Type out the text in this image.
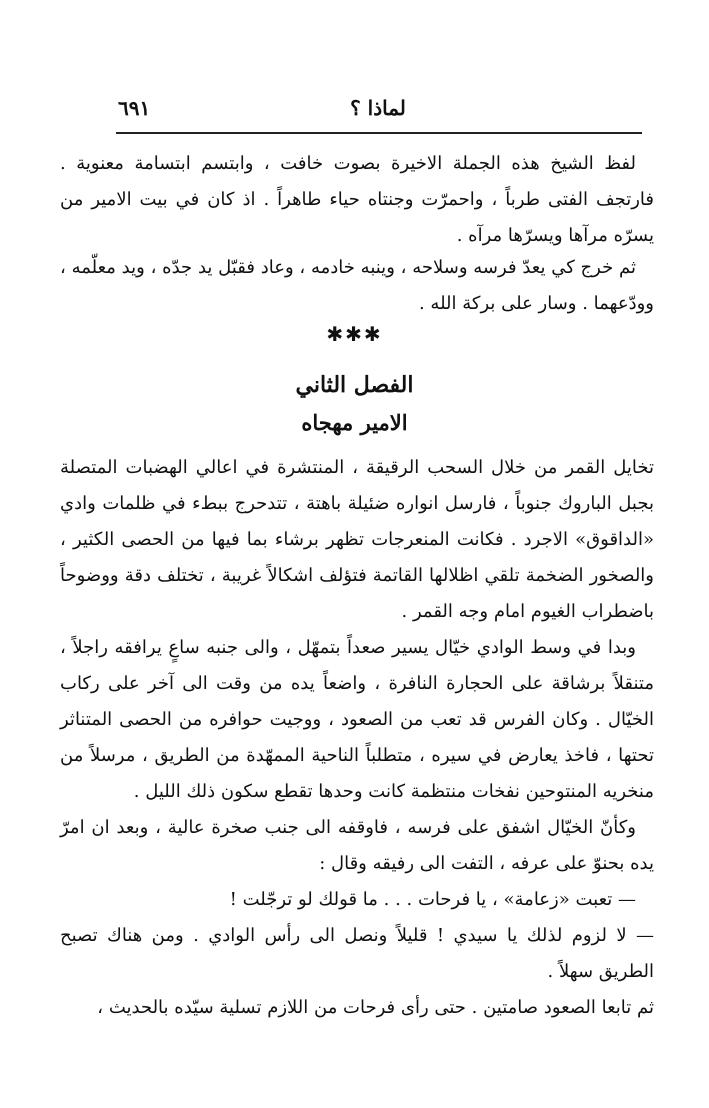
لماذا ؟
٦٩١

لفظ الشيخ هذه الجملة الاخيرة بصوت خافت ، وابتسم ابتسامة معنوية . فارتجف الفتى طرباً ، واحمرّت وجنتاه حياء طاهراً . اذ كان في بيت الامير من يسرّه مرآها ويسرّها مرآه .

ثم خرج كي يعدّ فرسه وسلاحه ، وينبه خادمه ، وعاد فقبّل يد جدّه ، ويد معلّمه ، وودّعهما . وسار على بركة الله .

✱✱✱
الفصل الثاني
الامير مهجاه

تخايل القمر من خلال السحب الرقيقة ، المنتشرة في اعالي الهضبات المتصلة بجبل الباروك جنوباً ، فارسل انواره ضئيلة باهتة ، تتدحرج ببطء في ظلمات وادي «الداقوق» الاجرد . فكانت المنعرجات تظهر برشاء بما فيها من الحصى الكثير ، والصخور الضخمة تلقي اظلالها القاتمة فتؤلف اشكالاً غريبة ، تختلف دقة ووضوحاً باضطراب الغيوم امام وجه القمر .

وبدا في وسط الوادي خيّال يسير صعداً بتمهّل ، والى جنبه ساعٍ يرافقه راجلاً ، متنقلاً برشاقة على الحجارة النافرة ، واضعاً يده من وقت الى آخر على ركاب الخيّال . وكان الفرس قد تعب من الصعود ، ووجيت حوافره من الحصى المتناثر تحتها ، فاخذ يعارض في سيره ، متطلباً الناحية الممهّدة من الطريق ، مرسلاً من منخريه المنتوحين نفخات منتظمة كانت وحدها تقطع سكون ذلك الليل .

وكأنّ الخيّال اشفق على فرسه ، فاوقفه الى جنب صخرة عالية ، وبعد ان امرّ يده بحنوّ على عرفه ، التفت الى رفيقه وقال :

— تعبت «زعامة» ، يا فرحات . . . ما قولك لو ترجّلت !

— لا لزوم لذلك يا سيدي ! قليلاً ونصل الى رأس الوادي . ومن هناك تصبح الطريق سهلاً .

ثم تابعا الصعود صامتين . حتى رأى فرحات من اللازم تسلية سيّده بالحديث ،
